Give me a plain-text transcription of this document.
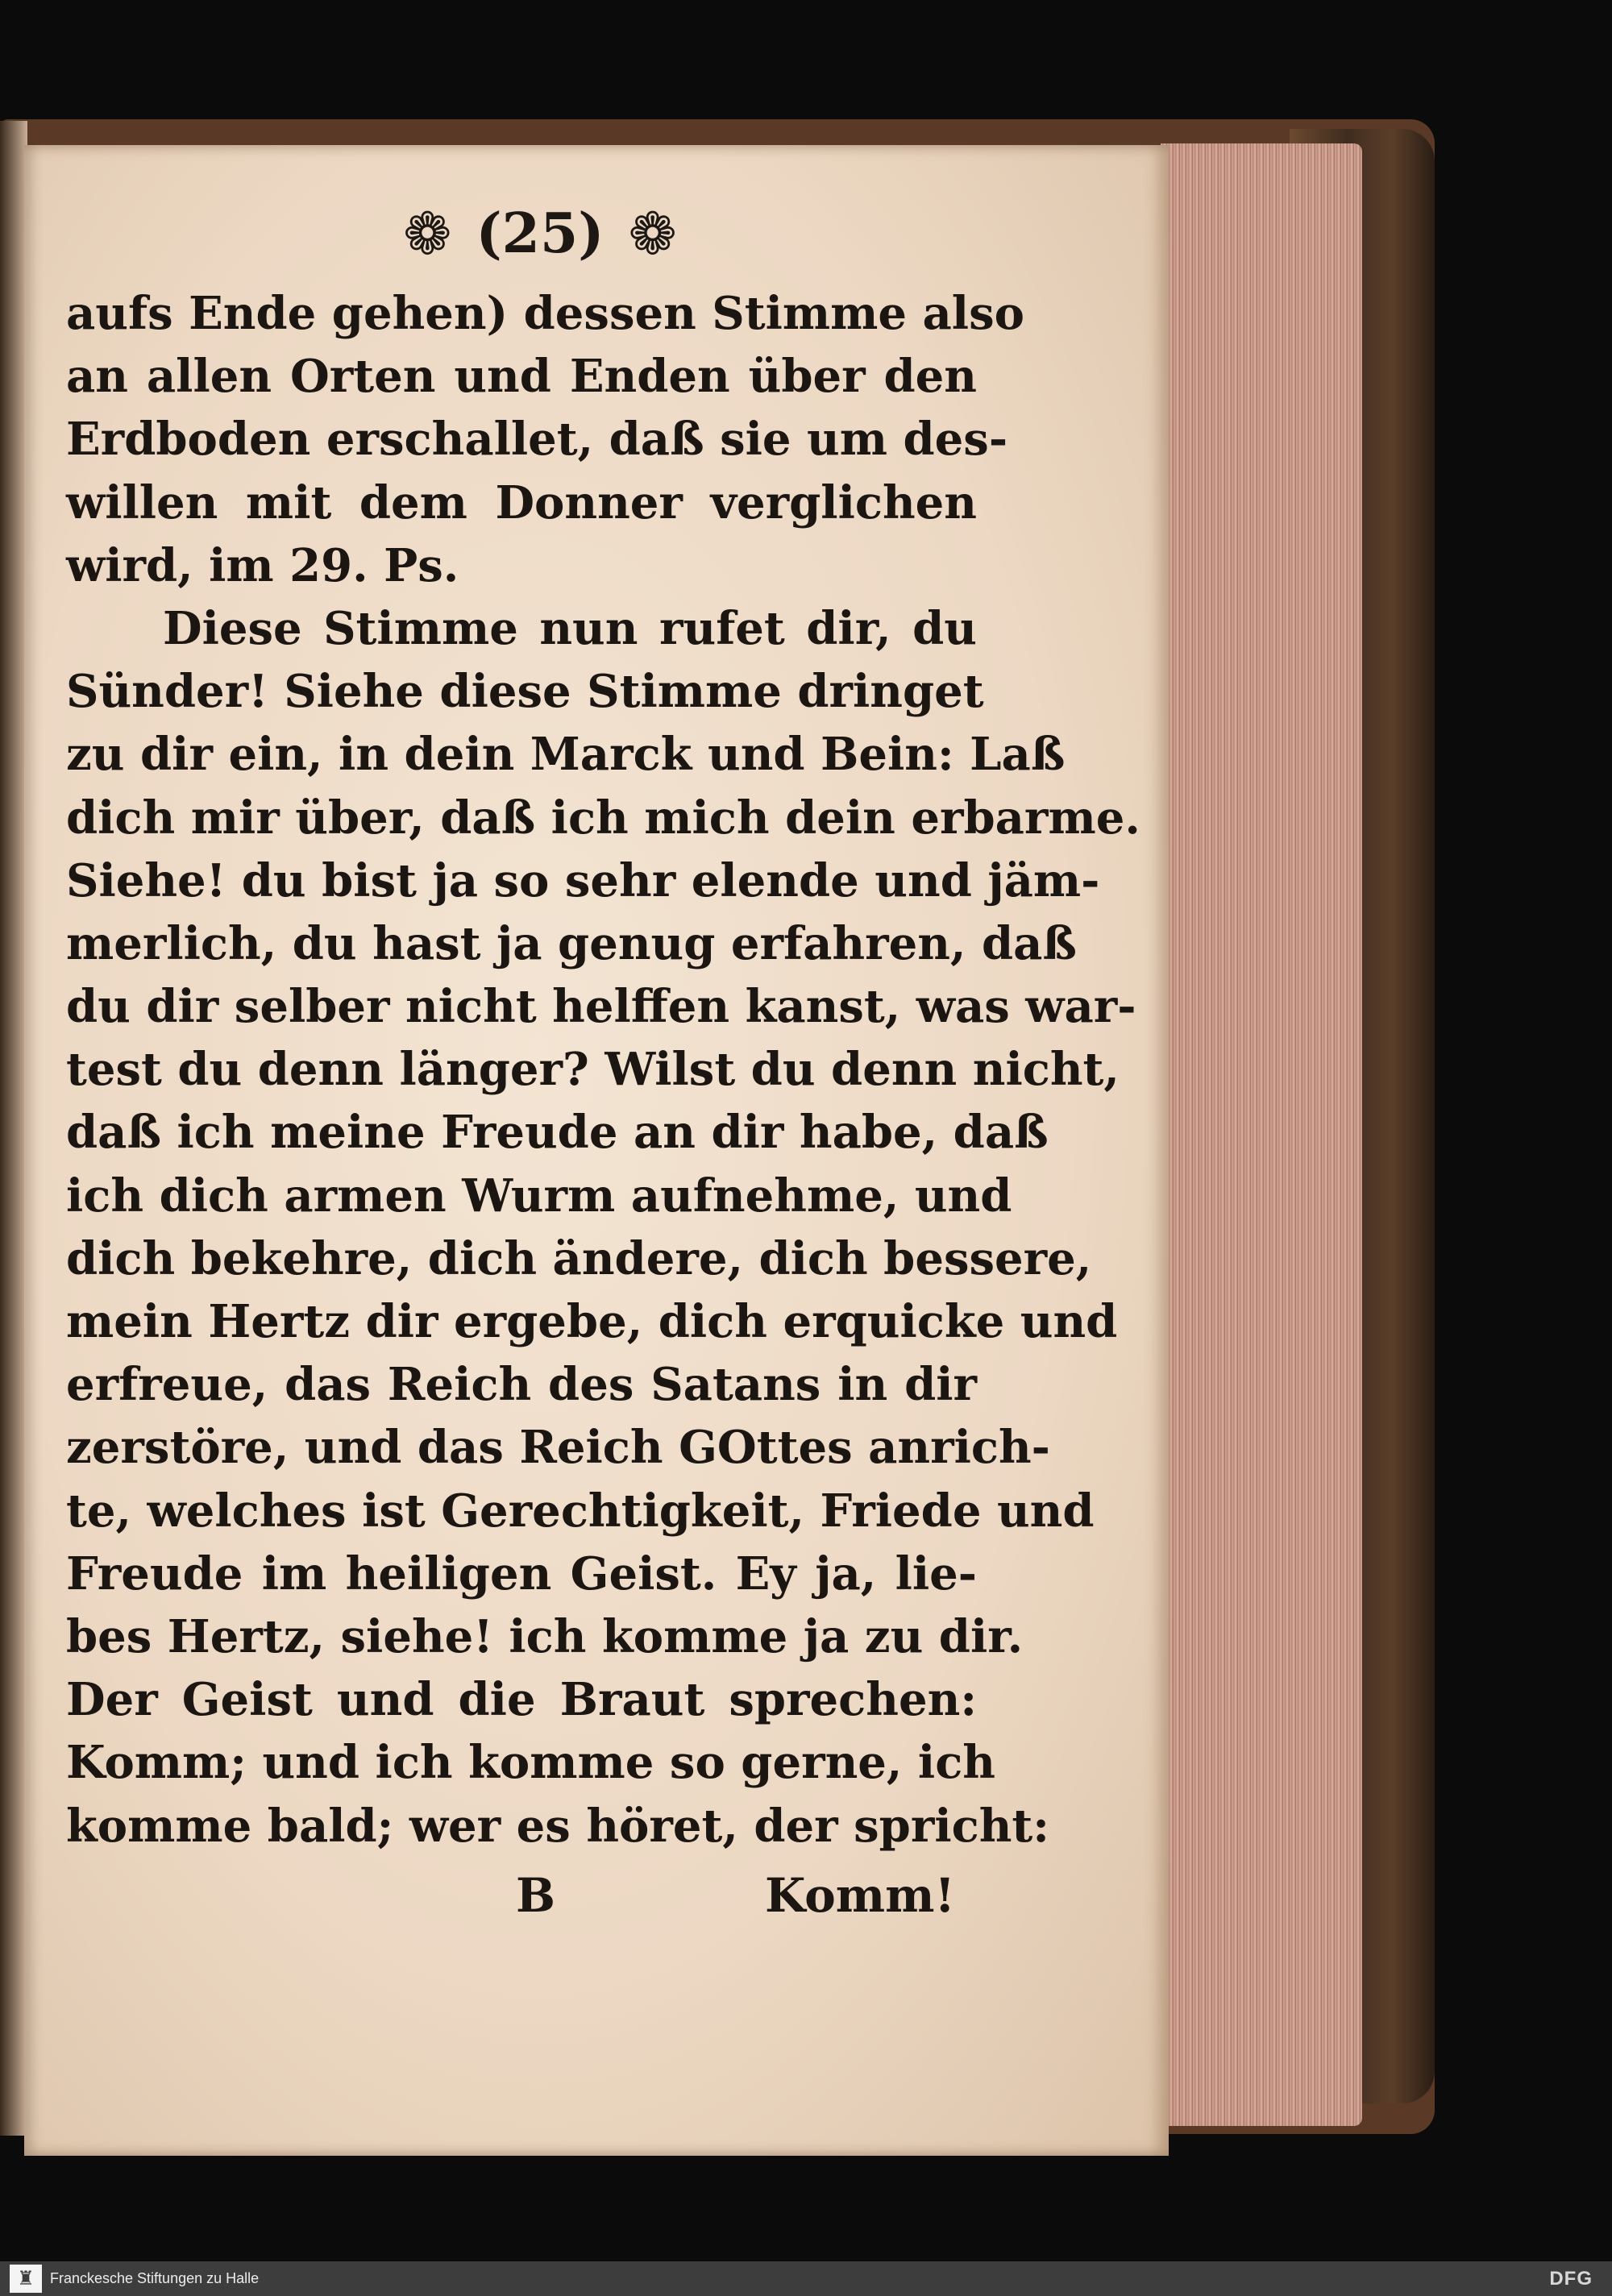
❁ (25) ❁
aufs Ende gehen) dessen Stimme also
an allen Orten und Enden über den
Erdboden erschallet, daß sie um des-
willen mit dem Donner verglichen
wird, im 29. Ps.
Diese Stimme nun rufet dir, du
Sünder! Siehe diese Stimme dringet
zu dir ein, in dein Marck und Bein: Laß
dich mir über, daß ich mich dein erbarme.
Siehe! du bist ja so sehr elende und jäm-
merlich, du hast ja genug erfahren, daß
du dir selber nicht helffen kanst, was war-
test du denn länger? Wilst du denn nicht,
daß ich meine Freude an dir habe, daß
ich dich armen Wurm aufnehme, und
dich bekehre, dich ändere, dich bessere,
mein Hertz dir ergebe, dich erquicke und
erfreue, das Reich des Satans in dir
zerstöre, und das Reich GOttes anrich-
te, welches ist Gerechtigkeit, Friede und
Freude im heiligen Geist. Ey ja, lie-
bes Hertz, siehe! ich komme ja zu dir.
Der Geist und die Braut sprechen:
Komm; und ich komme so gerne, ich
komme bald; wer es höret, der spricht:
B	Komm!
♜	Franckesche Stiftungen zu Halle	DFG
